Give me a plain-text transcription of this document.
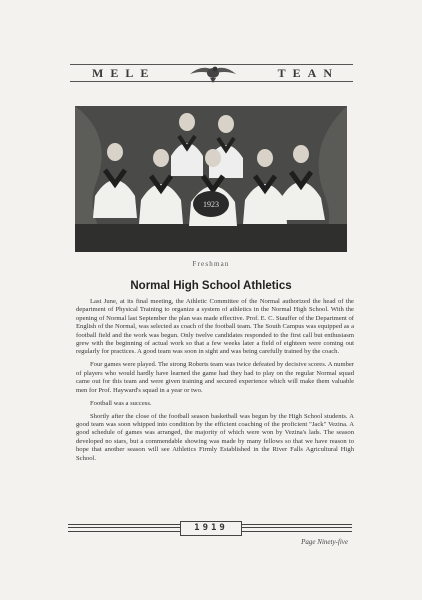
MELE	TEAN
1923
Freshman
Normal High School Athletics

Last June, at its final meeting, the Athletic Committee of the Normal authorized the head of the department of Physical Training to organize a system of athletics in the Normal High School. With the opening of Normal last September the plan was made effective. Prof. E. C. Stauffer of the Department of English of the Normal, was selected as coach of the football team. The South Campus was equipped as a football field and the work was begun. Only twelve candidates responded to the first call but enthusiasm grew with the beginning of actual work so that a few weeks later a field of eighteen were coming out regularly for practices. A good team was soon in sight and was being carefully trained by the coach.

Four games were played. The strong Roberts team was twice defeated by decisive scores. A number of players who would hardly have learned the game had they had to play on the regular Normal squad came out for this team and were given training and secured experience which will make them valuable men for Prof. Hayward's squad in a year or two.

Football was a success.

Shortly after the close of the football season basketball was begun by the High School students. A good team was soon whipped into condition by the efficient coaching of the proficient "Jack" Vezina. A good schedule of games was arranged, the majority of which were won by Vezina's lads. The season developed no stars, but a commendable showing was made by many fellows so that we have reason to hope that another season will see Athletics Firmly Established in the River Falls Agricultural High School.

1919
Page Ninety-five
